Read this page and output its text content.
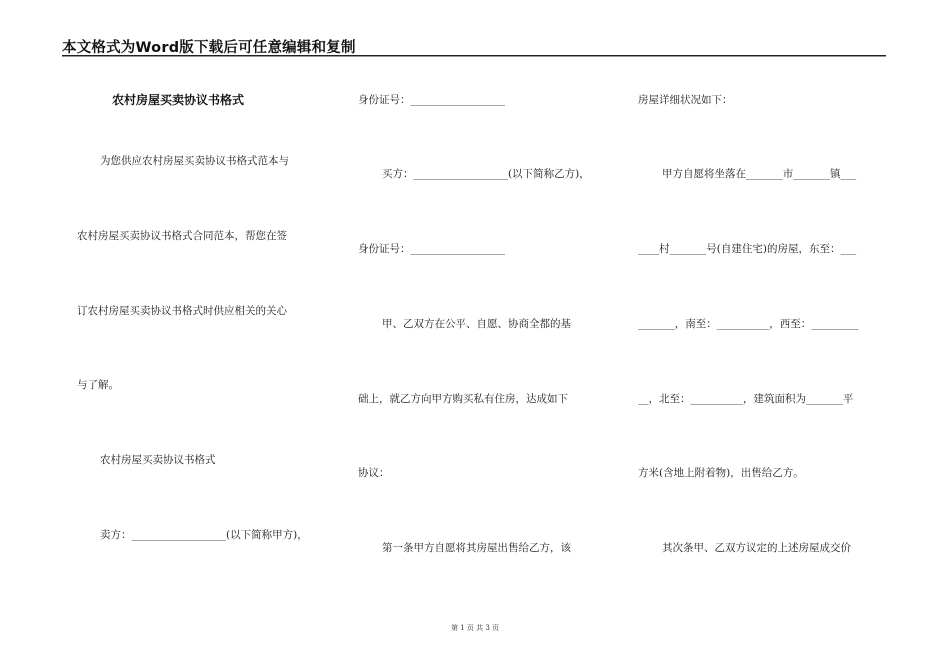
本文格式为Word版下载后可任意编辑和复制
农村房屋买卖协议书格式
为您供应农村房屋买卖协议书格式范本与
农村房屋买卖协议书格式合同范本，帮您在签
订农村房屋买卖协议书格式时供应相关的关心
与了解。
农村房屋买卖协议书格式
卖方：__________________(以下简称甲方)，
身份证号：__________________
买方：__________________(以下简称乙方)，
身份证号：__________________
甲、乙双方在公平、自愿、协商全都的基
础上，就乙方向甲方购买私有住房，达成如下
协议：
第一条甲方自愿将其房屋出售给乙方，该
房屋详细状况如下：
甲方自愿将坐落在_______市_______镇___
____村_______号(自建住宅)的房屋，东至：___
_______，南至：__________，西至：_________
__，北至：__________，建筑面积为_______平
方米(含地上附着物)，出售给乙方。
其次条甲、乙双方议定的上述房屋成交价
第 1 页 共 3 页
